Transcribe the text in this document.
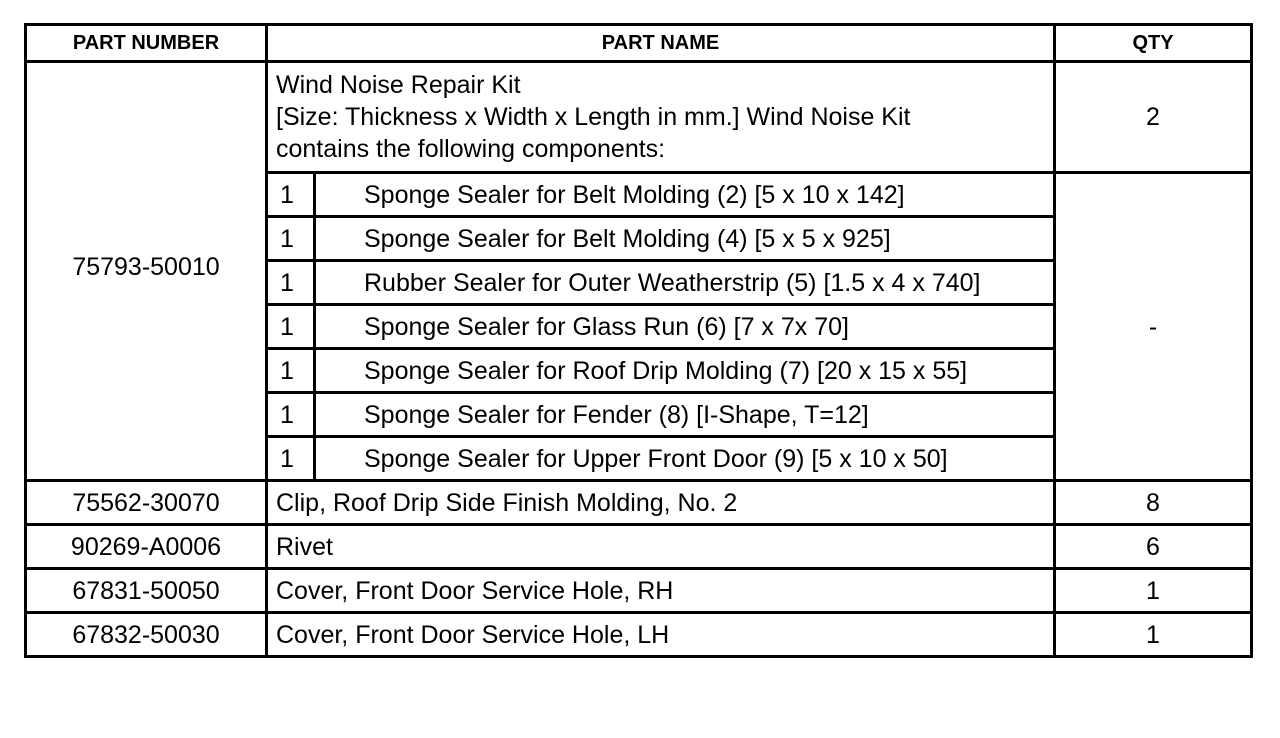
PART NUMBER	PART NAME		QTY
75793-50010	Wind Noise Repair Kit
[Size: Thickness x Width x Length in mm.] Wind Noise Kit
contains the following components:		2
	1	Sponge Sealer for Belt Molding (2) [5 x 10 x 142]	-
	1	Sponge Sealer for Belt Molding (4) [5 x 5 x 925]	
	1	Rubber Sealer for Outer Weatherstrip (5) [1.5 x 4 x 740]	
	1	Sponge Sealer for Glass Run (6) [7 x 7x 70]	
	1	Sponge Sealer for Roof Drip Molding (7) [20 x 15 x 55]	
	1	Sponge Sealer for Fender (8) [I-Shape, T=12]	
	1	Sponge Sealer for Upper Front Door (9) [5 x 10 x 50]	
75562-30070	Clip, Roof Drip Side Finish Molding, No. 2		8
90269-A0006	Rivet		6
67831-50050	Cover, Front Door Service Hole, RH		1
67832-50030	Cover, Front Door Service Hole, LH		1
